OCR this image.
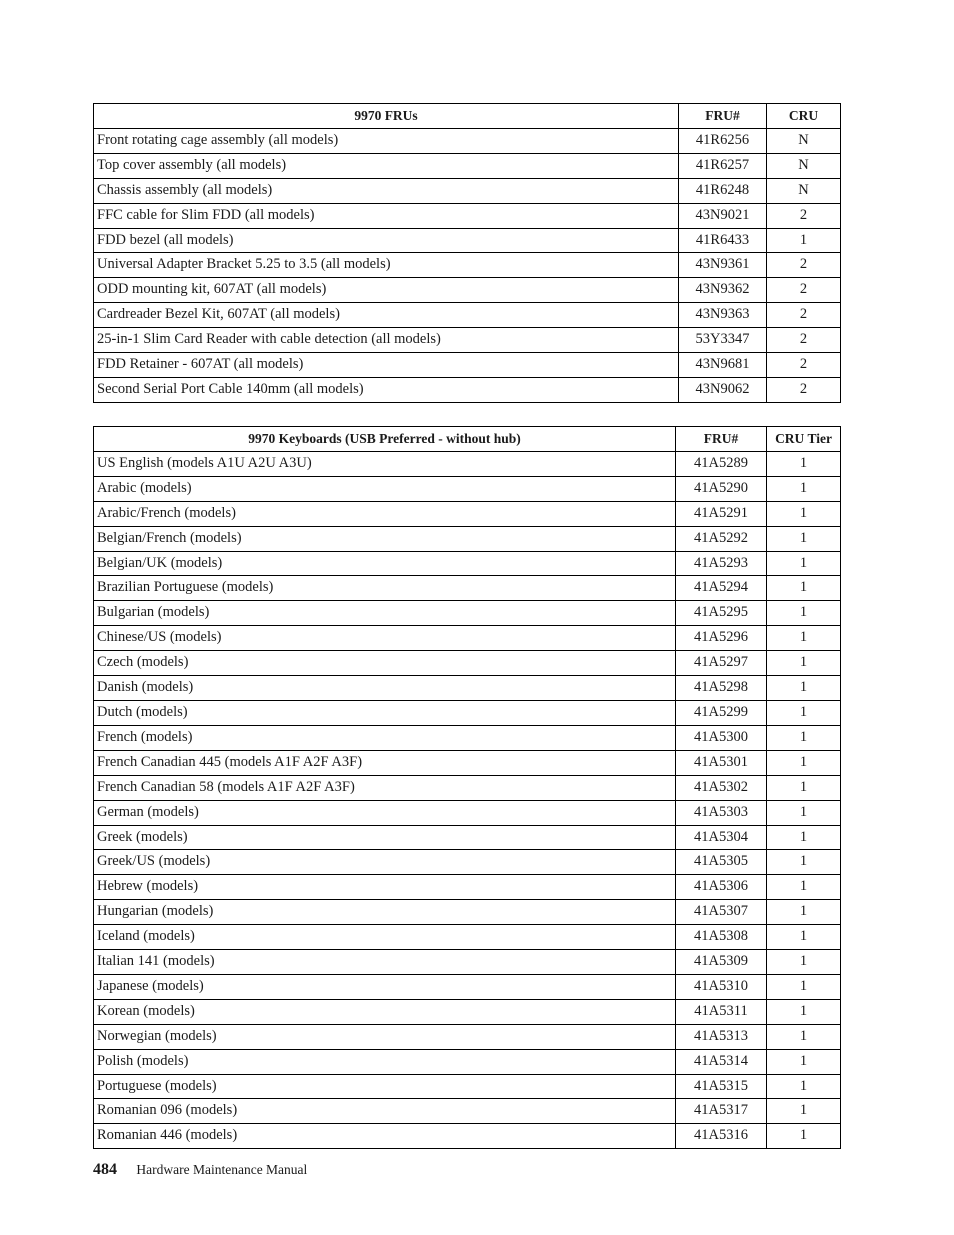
9970 FRUs	FRU#	CRU
Front rotating cage assembly (all models)	41R6256	N
Top cover assembly (all models)	41R6257	N
Chassis assembly (all models)	41R6248	N
FFC cable for Slim FDD (all models)	43N9021	2
FDD bezel (all models)	41R6433	1
Universal Adapter Bracket 5.25 to 3.5 (all models)	43N9361	2
ODD mounting kit, 607AT (all models)	43N9362	2
Cardreader Bezel Kit, 607AT (all models)	43N9363	2
25-in-1 Slim Card Reader with cable detection (all models)	53Y3347	2
FDD Retainer - 607AT (all models)	43N9681	2
Second Serial Port Cable 140mm (all models)	43N9062	2
9970 Keyboards (USB Preferred - without hub)	FRU#	CRU Tier
US English (models A1U A2U A3U)	41A5289	1
Arabic (models)	41A5290	1
Arabic/French (models)	41A5291	1
Belgian/French (models)	41A5292	1
Belgian/UK (models)	41A5293	1
Brazilian Portuguese (models)	41A5294	1
Bulgarian (models)	41A5295	1
Chinese/US (models)	41A5296	1
Czech (models)	41A5297	1
Danish (models)	41A5298	1
Dutch (models)	41A5299	1
French (models)	41A5300	1
French Canadian 445 (models A1F A2F A3F)	41A5301	1
French Canadian 58 (models A1F A2F A3F)	41A5302	1
German (models)	41A5303	1
Greek (models)	41A5304	1
Greek/US (models)	41A5305	1
Hebrew (models)	41A5306	1
Hungarian (models)	41A5307	1
Iceland (models)	41A5308	1
Italian 141 (models)	41A5309	1
Japanese (models)	41A5310	1
Korean (models)	41A5311	1
Norwegian (models)	41A5313	1
Polish (models)	41A5314	1
Portuguese (models)	41A5315	1
Romanian 096 (models)	41A5317	1
Romanian 446 (models)	41A5316	1
484 Hardware Maintenance Manual
